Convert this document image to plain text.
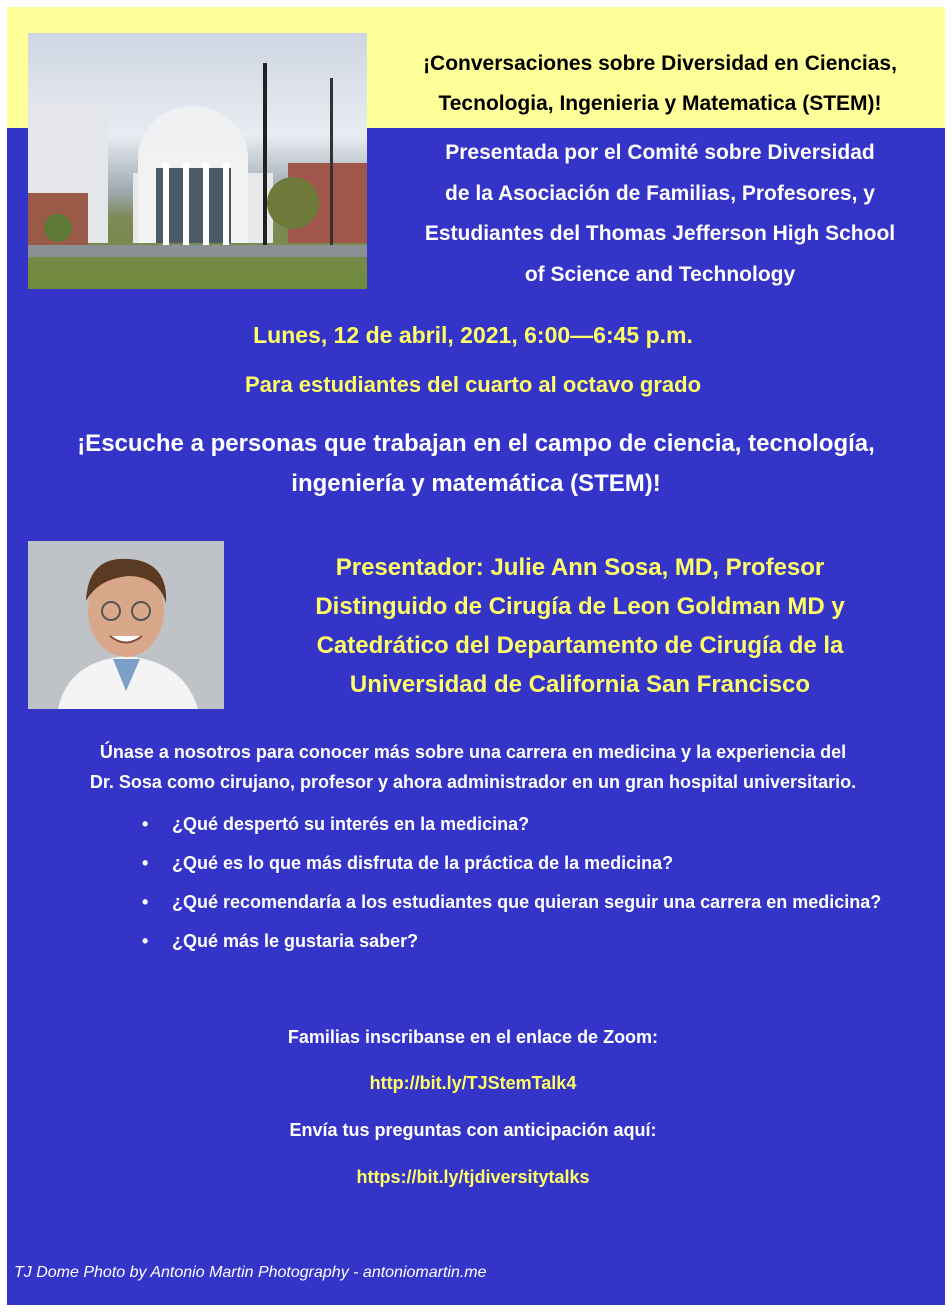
¡Conversaciones sobre Diversidad en Ciencias,
Tecnologia, Ingenieria y Matematica (STEM)!
Presentada por el Comité sobre Diversidad
de la Asociación de Familias, Profesores, y
Estudiantes del Thomas Jefferson High School
of Science and Technology
Lunes, 12 de abril, 2021, 6:00—6:45 p.m.
Para estudiantes del cuarto al octavo grado
¡Escuche a personas que trabajan en el campo de ciencia, tecnología,
ingeniería y matemática (STEM)!
Presentador: Julie Ann Sosa, MD, Profesor
Distinguido de Cirugía de Leon Goldman MD y
Catedrático del Departamento de Cirugía de la
Universidad de California San Francisco
Únase a nosotros para conocer más sobre una carrera en medicina y la experiencia del
Dr. Sosa como cirujano, profesor y ahora administrador en un gran hospital universitario.
• ¿Qué despertó su interés en la medicina?
• ¿Qué es lo que más disfruta de la práctica de la medicina?
• ¿Qué recomendaría a los estudiantes que quieran seguir una carrera en medicina?
• ¿Qué más le gustaria saber?
Familias inscribanse en el enlace de Zoom:
http://bit.ly/TJStemTalk4
Envía tus preguntas con anticipación aquí:
https://bit.ly/tjdiversitytalks
TJ Dome Photo by Antonio Martin Photography - antoniomartin.me
